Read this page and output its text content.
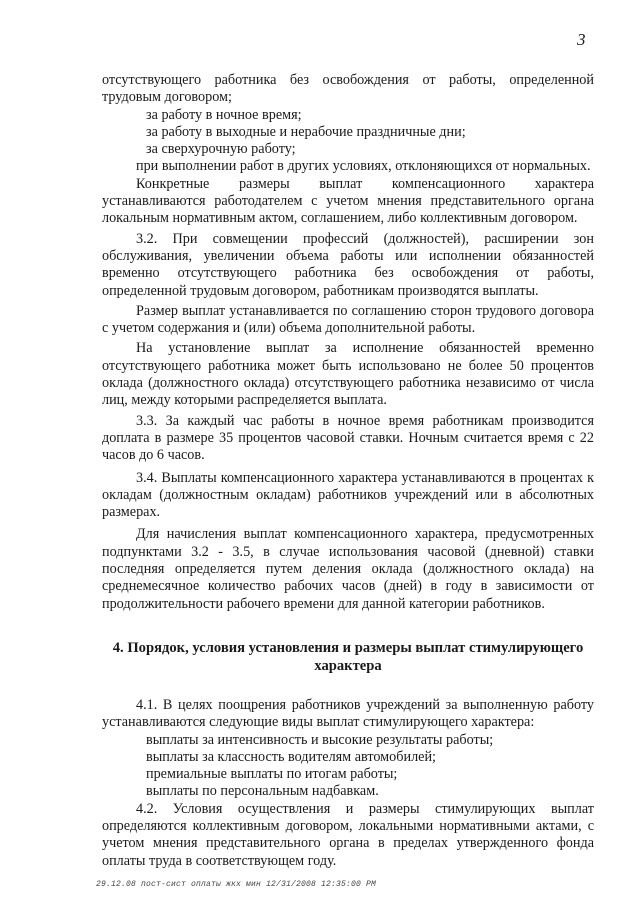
3

отсутствующего работника без освобождения от работы, определенной трудовым договором;

за работу в ночное время;

за работу в выходные и нерабочие праздничные дни;

за сверхурочную работу;

при выполнении работ в других условиях, отклоняющихся от нормальных.

Конкретные размеры выплат компенсационного характера устанавливаются работодателем с учетом мнения представительного органа локальным нормативным актом, соглашением, либо коллективным договором.

3.2. При совмещении профессий (должностей), расширении зон обслуживания, увеличении объема работы или исполнении обязанностей временно отсутствующего работника без освобождения от работы, определенной трудовым договором, работникам производятся выплаты.

Размер выплат устанавливается по соглашению сторон трудового договора с учетом содержания и (или) объема дополнительной работы.

На установление выплат за исполнение обязанностей временно отсутствующего работника может быть использовано не более 50 процентов оклада (должностного оклада) отсутствующего работника независимо от числа лиц, между которыми распределяется выплата.

3.3. За каждый час работы в ночное время работникам производится доплата в размере 35 процентов часовой ставки. Ночным считается время с 22 часов до 6 часов.

3.4. Выплаты компенсационного характера устанавливаются в процентах к окладам (должностным окладам) работников учреждений или в абсолютных размерах.

Для начисления выплат компенсационного характера, предусмотренных подпунктами 3.2 - 3.5, в случае использования часовой (дневной) ставки последняя определяется путем деления оклада (должностного оклада) на среднемесячное количество рабочих часов (дней) в году в зависимости от продолжительности рабочего времени для данной категории работников.

4. Порядок, условия установления и размеры выплат стимулирующего характера

4.1. В целях поощрения работников учреждений за выполненную работу устанавливаются следующие виды выплат стимулирующего характера:

выплаты за интенсивность и высокие результаты работы;

выплаты за классность водителям автомобилей;

премиальные выплаты по итогам работы;

выплаты по персональным надбавкам.

4.2. Условия осуществления и размеры стимулирующих выплат определяются коллективным договором, локальными нормативными актами, с учетом мнения представительного органа в пределах утвержденного фонда оплаты труда в соответствующем году.

29.12.08 пост-сист оплаты жкх мин 12/31/2008 12:35:00 PM
